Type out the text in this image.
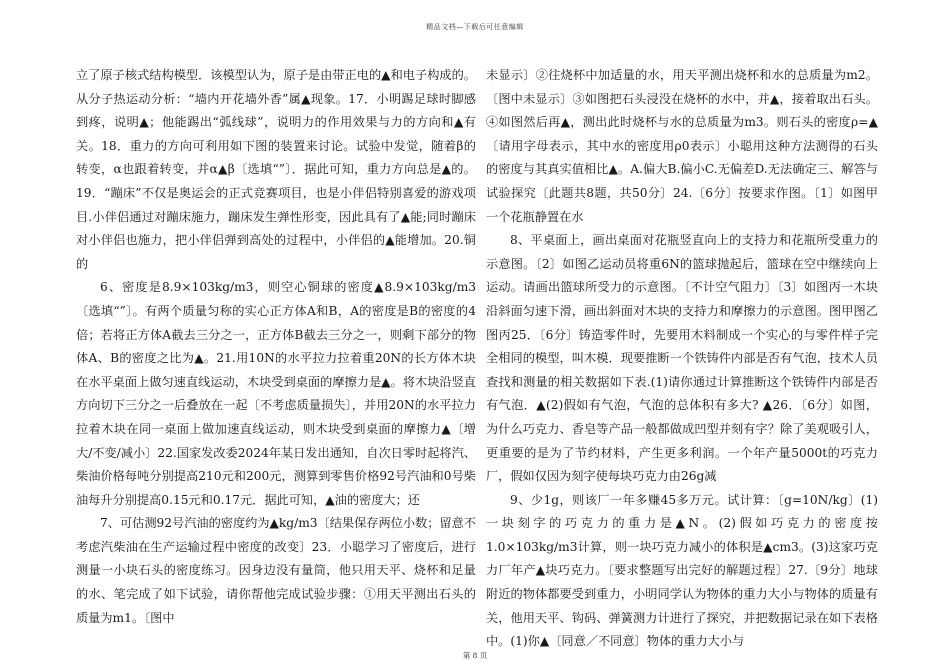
精品文档—下载后可任意编辑

立了原子核式结构模型．该模型认为，原子是由带正电的▲和电子构成的。从分子热运动分析：“墙内开花墙外香”属▲现象。17．小明踢足球时脚感到疼，说明▲；他能踢出“弧线球”，说明力的作用效果与力的方向和▲有关。18．重力的方向可利用如下图的装置来讨论。试验中发觉，随着β的转变，α也跟着转变，并α▲β〔选填“”〕．据此可知，重力方向总是▲的。19．“蹦床”不仅是奥运会的正式竞赛项目，也是小伴侣特别喜爱的游戏项目.小伴侣通过对蹦床施力，蹦床发生弹性形变，因此具有了▲能;同时蹦床对小伴侣也施力，把小伴侣弹到高处的过程中，小伴侣的▲能增加。20.铜的

6、密度是8.9×103kg/m3，则空心铜球的密度▲8.9×103kg/m3〔选填“”〕。有两个质量匀称的实心正方体A和B，A的密度是B的密度的4倍；若将正方体A截去三分之一，正方体B截去三分之一，则剩下部分的物体A、B的密度之比为▲。21.用10N的水平拉力拉着重20N的长方体木块在水平桌面上做匀速直线运动，木块受到桌面的摩擦力是▲。将木块沿竖直方向切下三分之一后叠放在一起〔不考虑质量损失〕，并用20N的水平拉力拉着木块在同一桌面上做加速直线运动，则木块受到桌面的摩擦力▲〔增大/不变/减小〕22.国家发改委2024年某日发出通知，自次日零时起将汽、柴油价格每吨分别提高210元和200元，测算到零售价格92号汽油和0号柴油每升分别提高0.15元和0.17元．据此可知，▲油的密度大；还

7、可估测92号汽油的密度约为▲kg/m3〔结果保存两位小数；留意不考虑汽柴油在生产运输过程中密度的改变〕23．小聪学习了密度后，进行测量一小块石头的密度练习。因身边没有量筒，他只用天平、烧杯和足量的水、笔完成了如下试验，请你帮他完成试验步骤：①用天平测出石头的质量为m1。〔图中

未显示〕②往烧杯中加适量的水，用天平测出烧杯和水的总质量为m2。〔图中未显示〕③如图把石头浸没在烧杯的水中，并▲，接着取出石头。④如图然后再▲，测出此时烧杯与水的总质量为m3。则石头的密度ρ=▲〔请用字母表示，其中水的密度用ρ0表示〕小聪用这种方法测得的石头的密度与其真实值相比▲。A.偏大B.偏小C.无偏差D.无法确定三、解答与试验探究〔此题共8题，共50分〕24.〔6分〕按要求作图。〔1〕如图甲一个花瓶静置在水

8、平桌面上，画出桌面对花瓶竖直向上的支持力和花瓶所受重力的示意图。〔2〕如图乙运动员将重6N的篮球抛起后，篮球在空中继续向上运动。请画出篮球所受力的示意图。〔不计空气阻力〕〔3〕如图丙一木块沿斜面匀速下滑，画出斜面对木块的支持力和摩擦力的示意图。图甲图乙图丙25．〔6分〕铸造零件时，先要用木料制成一个实心的与零件样子完全相同的模型，叫木模．现要推断一个铁铸件内部是否有气泡，技术人员查找和测量的相关数据如下表.(1)请你通过计算推断这个铁铸件内部是否有气泡．▲(2)假如有气泡，气泡的总体积有多大? ▲26．〔6分〕如图，为什么巧克力、香皂等产品一般都做成凹型并刻有字？除了美观吸引人，更重要的是为了节约材料，产生更多利润。一个年产量5000t的巧克力厂，假如仅因为刻字使每块巧克力由26g减

9、少1g，则该厂一年多赚45多万元。试计算：〔g=10N/kg〕(1)一块刻字的巧克力的重力是▲N。(2)假如巧克力的密度按1.0×103kg/m3计算，则一块巧克力减小的体积是▲cm3。(3)这家巧克力厂年产▲块巧克力。〔要求整题写出完好的解题过程〕27.〔9分〕地球附近的物体都要受到重力，小明同学认为物体的重力大小与物体的质量有关，他用天平、钩码、弹簧测力计进行了探究，并把数据记录在如下表格中。(1)你▲〔同意／不同意〕物体的重力大小与

第 8 页
